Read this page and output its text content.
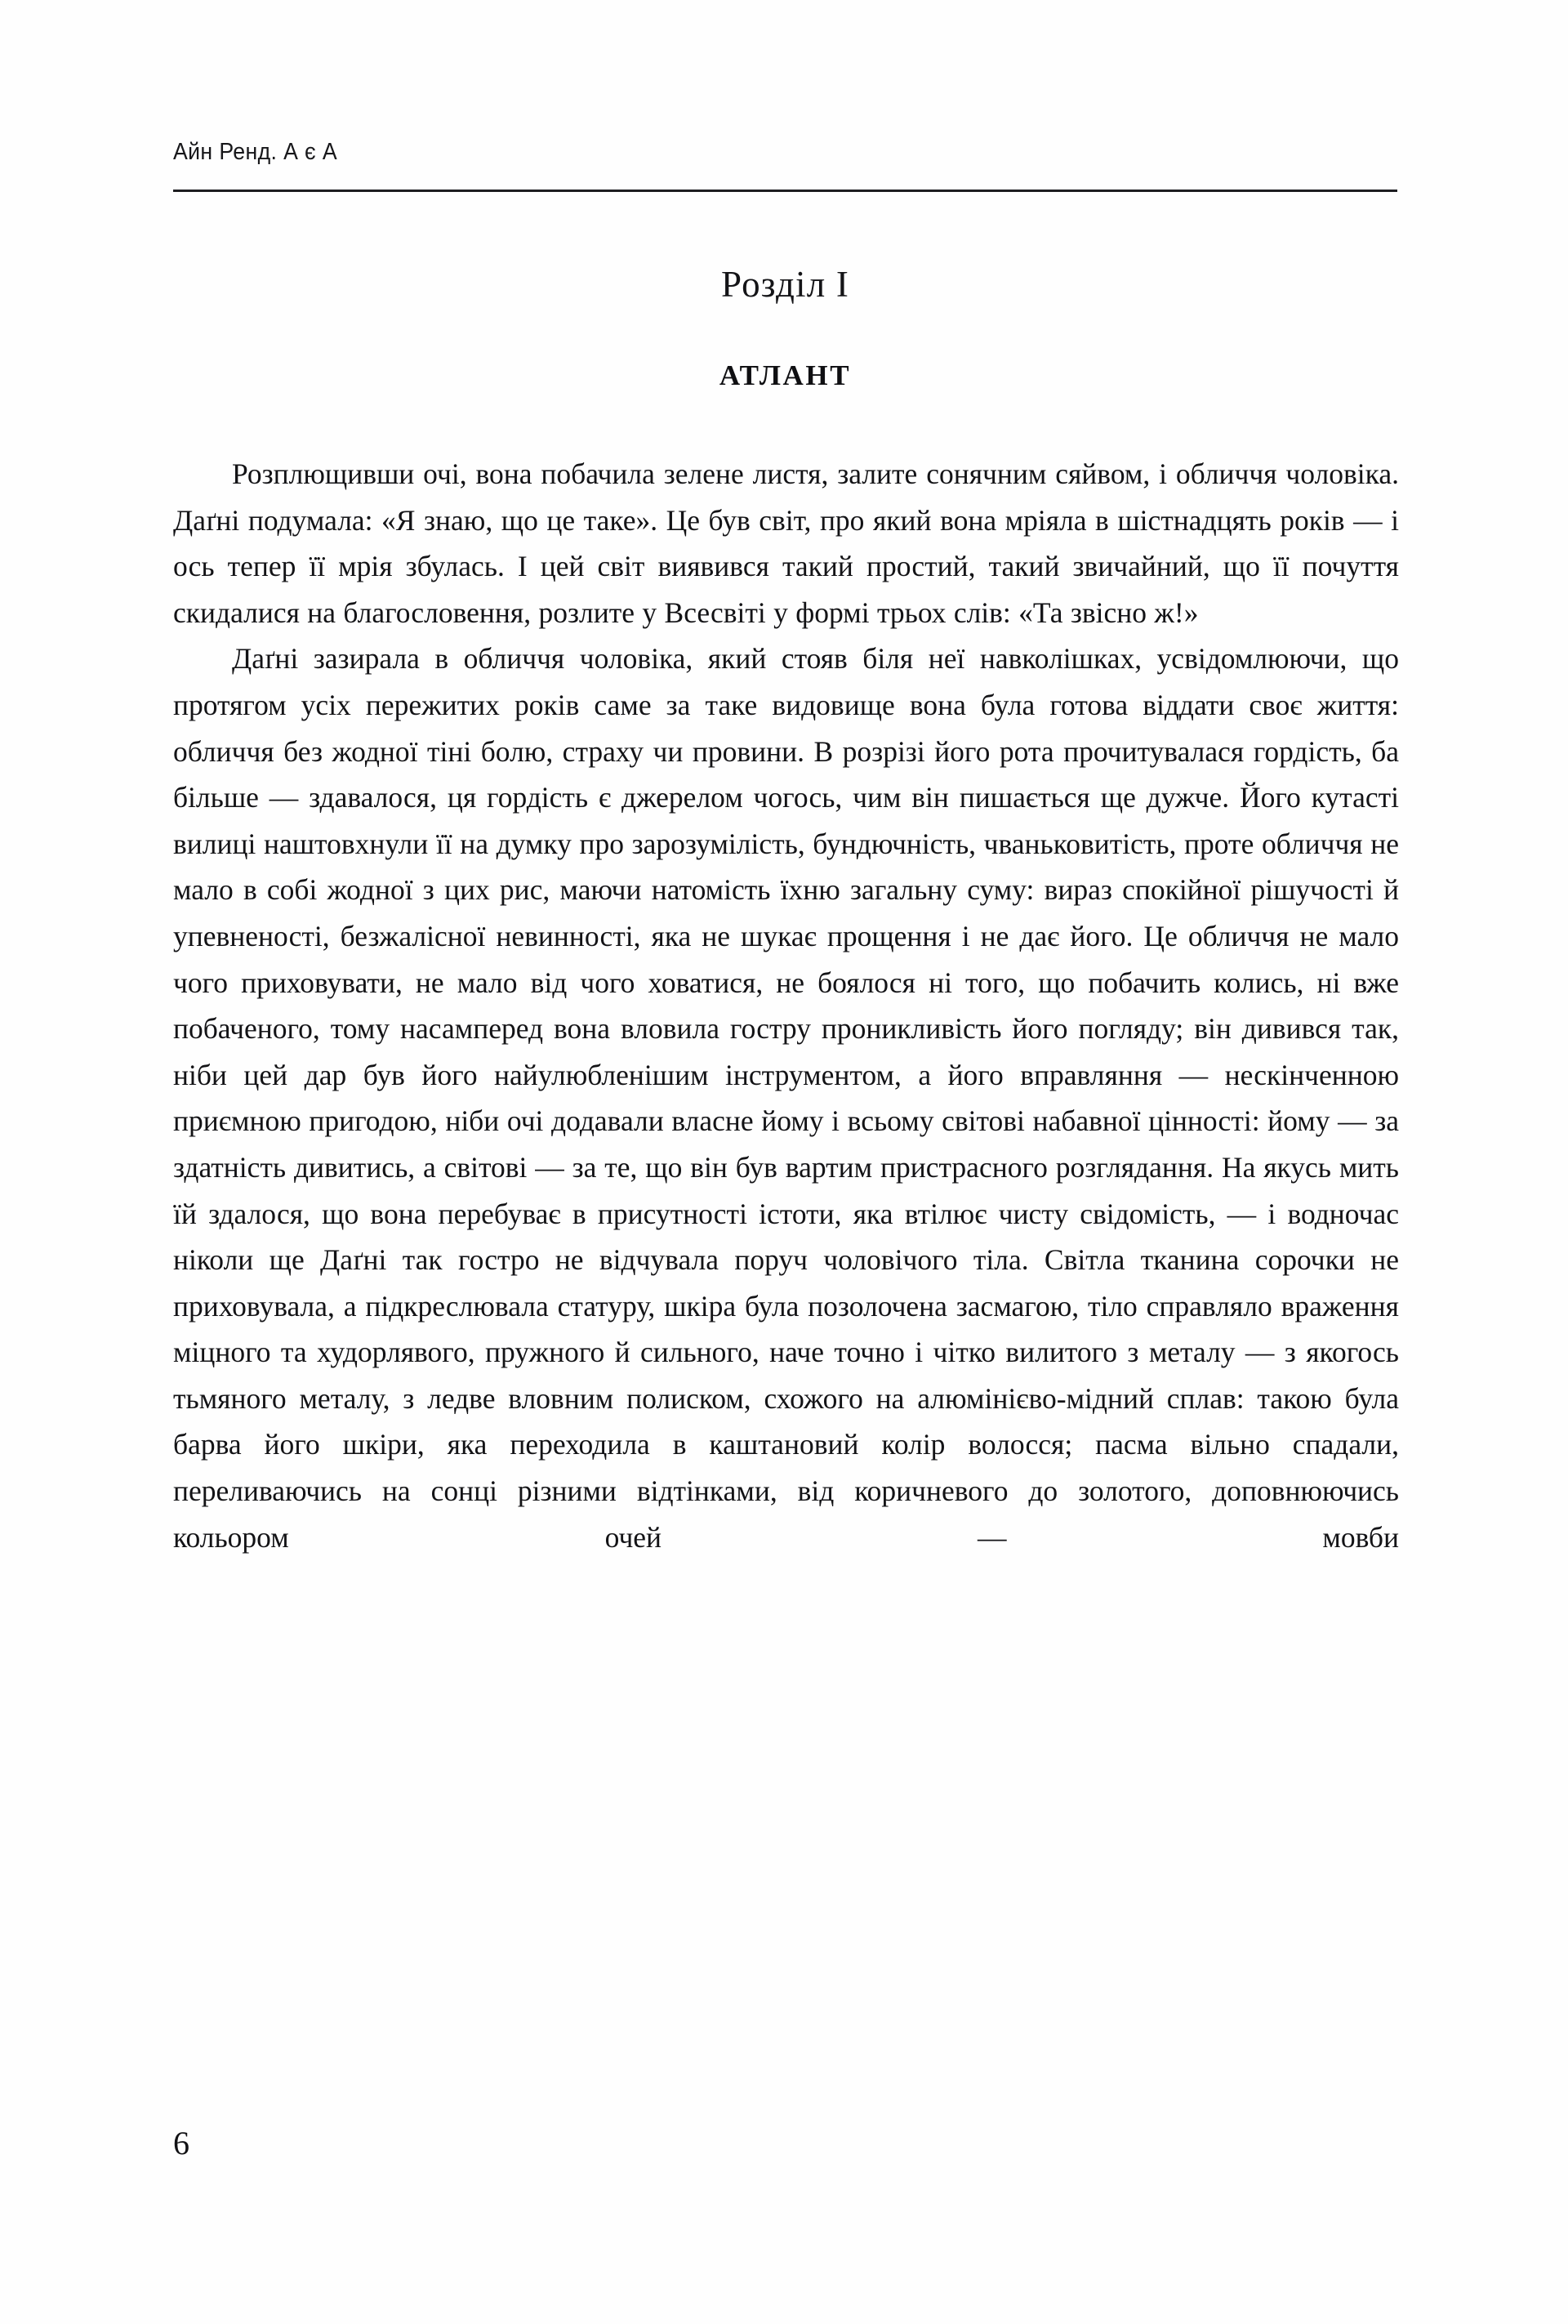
Айн Ренд. А є А
Розділ I
АТЛАНТ

Розплющивши очі, вона побачила зелене листя, залите сонячним сяйвом, і обличчя чоловіка. Даґні подумала: «Я знаю, що це таке». Це був світ, про який вона мріяла в шістнадцять років — і ось тепер її мрія збулась. І цей світ виявився такий простий, такий звичайний, що її почуття скидалися на благословення, розлите у Всесвіті у формі трьох слів: «Та звісно ж!»

Даґні зазирала в обличчя чоловіка, який стояв біля неї навколішках, усвідомлюючи, що протягом усіх пережитих років саме за таке видовище вона була готова віддати своє життя: обличчя без жодної тіні болю, страху чи провини. В розрізі його рота прочитувалася гордість, ба більше — здавалося, ця гордість є джерелом чогось, чим він пишається ще дужче. Його кутасті вилиці наштовхнули її на думку про зарозумілість, бундючність, чваньковитість, проте обличчя не мало в собі жодної з цих рис, маючи натомість їхню загальну суму: вираз спокійної рішучості й упевненості, безжалісної невинності, яка не шукає прощення і не дає його. Це обличчя не мало чого приховувати, не мало від чого ховатися, не боялося ні того, що побачить колись, ні вже побаченого, тому насамперед вона вловила гостру проникливість його погляду; він дивився так, ніби цей дар був його найулюбленішим інструментом, а його вправляння — нескінченною приємною пригодою, ніби очі додавали власне йому і всьому світові набавної цінності: йому — за здатність дивитись, а світові — за те, що він був вартим пристрасного розглядання. На якусь мить їй здалося, що вона перебуває в присутності істоти, яка втілює чисту свідомість, — і водночас ніколи ще Даґні так гостро не відчувала поруч чоловічого тіла. Світла тканина сорочки не приховувала, а підкреслювала статуру, шкіра була позолочена засмагою, тіло справляло враження міцного та худорлявого, пружного й сильного, наче точно і чітко вилитого з металу — з якогось тьмяного металу, з ледве вловним полиском, схожого на алюмінієво-мідний сплав: такою була барва його шкіри, яка переходила в каштановий колір волосся; пасма вільно спадали, переливаючись на сонці різними відтінками, від коричневого до золотого, доповнюючись кольором очей — мовби

6
